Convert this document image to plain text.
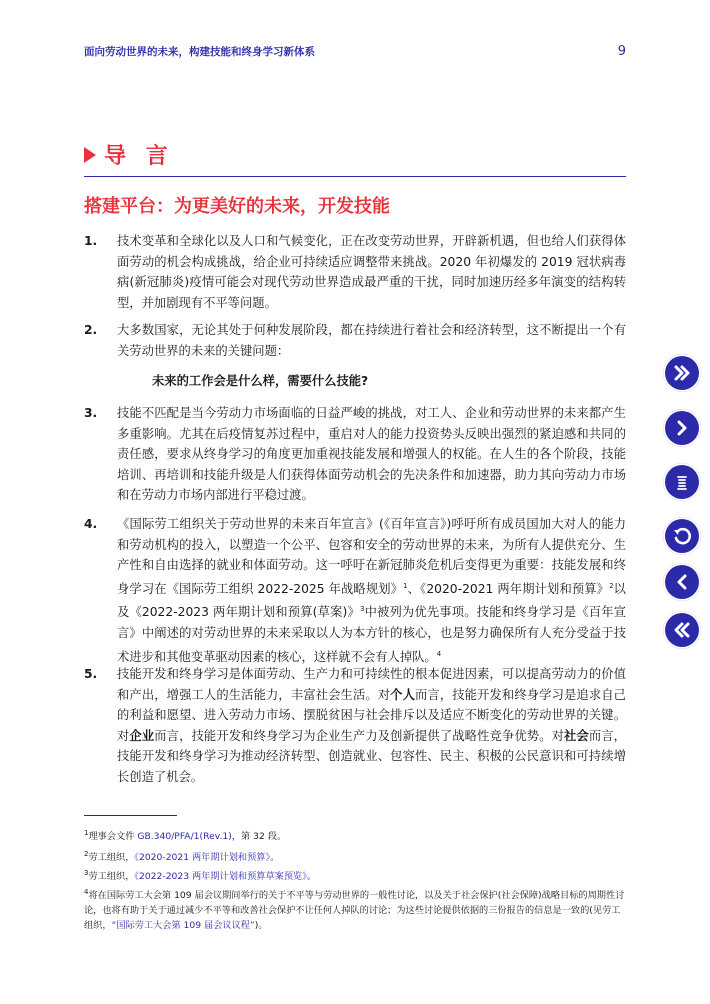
面向劳动世界的未来，构建技能和终身学习新体系	9
导 言
搭建平台：为更美好的未来，开发技能
1.	技术变革和全球化以及人口和气候变化，正在改变劳动世界，开辟新机遇，但也给人们获得体面劳动的机会构成挑战，给企业可持续适应调整带来挑战。2020 年初爆发的 2019 冠状病毒病(新冠肺炎)疫情可能会对现代劳动世界造成最严重的干扰，同时加速历经多年演变的结构转型，并加剧现有不平等问题。
2.	大多数国家，无论其处于何种发展阶段，都在持续进行着社会和经济转型，这不断提出一个有关劳动世界的未来的关键问题：
未来的工作会是什么样，需要什么技能?
3.	技能不匹配是当今劳动力市场面临的日益严峻的挑战，对工人、企业和劳动世界的未来都产生多重影响。尤其在后疫情复苏过程中，重启对人的能力投资势头反映出强烈的紧迫感和共同的责任感，要求从终身学习的角度更加重视技能发展和增强人的权能。在人生的各个阶段，技能培训、再培训和技能升级是人们获得体面劳动机会的先决条件和加速器，助力其向劳动力市场和在劳动力市场内部进行平稳过渡。
4.	《国际劳工组织关于劳动世界的未来百年宣言》(《百年宣言》)呼吁所有成员国加大对人的能力和劳动机构的投入，以塑造一个公平、包容和安全的劳动世界的未来，为所有人提供充分、生产性和自由选择的就业和体面劳动。这一呼吁在新冠肺炎危机后变得更为重要：技能发展和终身学习在《国际劳工组织 2022-2025 年战略规划》$^1$、《2020-2021 两年期计划和预算》$^2$以及《2022-2023 两年期计划和预算(草案)》$^3$中被列为优先事项。技能和终身学习是《百年宣言》中阐述的对劳动世界的未来采取以人为本方针的核心，也是努力确保所有人充分受益于技术进步和其他变革驱动因素的核心，这样就不会有人掉队。$^4$
5.	技能开发和终身学习是体面劳动、生产力和可持续性的根本促进因素，可以提高劳动力的价值和产出，增强工人的生活能力，丰富社会生活。对个人而言，技能开发和终身学习是追求自己的利益和愿望、进入劳动力市场、摆脱贫困与社会排斥以及适应不断变化的劳动世界的关键。对企业而言，技能开发和终身学习为企业生产力及创新提供了战略性竞争优势。对社会而言，技能开发和终身学习为推动经济转型、创造就业、包容性、民主、积极的公民意识和可持续增长创造了机会。
$^1$理事会文件 GB.340/PFA/1(Rev.1)，第 32 段。
$^2$劳工组织，《2020-2021 两年期计划和预算》。
$^3$劳工组织，《2022-2023 两年期计划和预算草案预览》。
$^4$将在国际劳工大会第 109 届会议期间举行的关于不平等与劳动世界的一般性讨论，以及关于社会保护(社会保障)战略目标的周期性讨论，也将有助于关于通过减少不平等和改善社会保护不让任何人掉队的讨论；为这些讨论提供依据的三份报告的信息是一致的(见劳工组织，“国际劳工大会第 109 届会议议程”)。
